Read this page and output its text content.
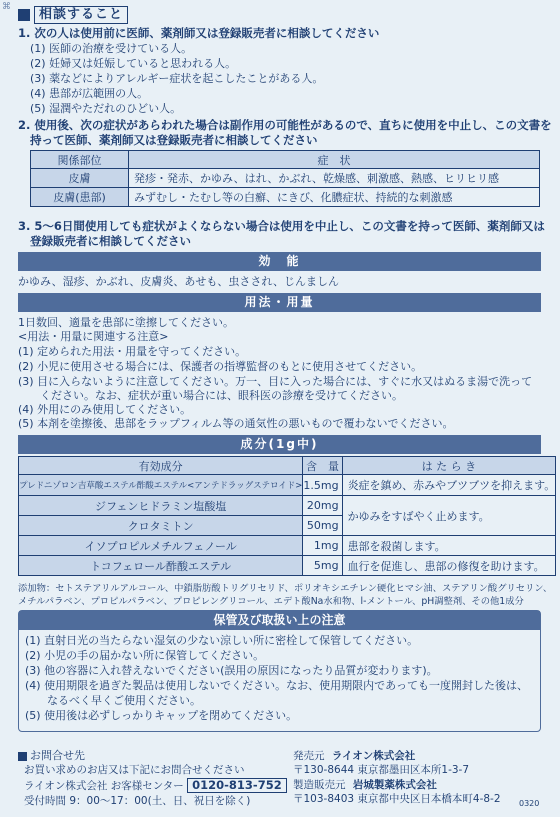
⌘	相談すること
1. 次の人は使用前に医師、薬剤師又は登録販売者に相談してください
(1) 医師の治療を受けている人。
(2) 妊婦又は妊娠していると思われる人。
(3) 薬などによりアレルギー症状を起こしたことがある人。
(4) 患部が広範囲の人。
(5) 湿潤やただれのひどい人。
2. 使用後、次の症状があらわれた場合は副作用の可能性があるので、直ちに使用を中止し、この文書を
持って医師、薬剤師又は登録販売者に相談してください
関係部位	症　状
皮膚	発疹・発赤、かゆみ、はれ、かぶれ、乾燥感、刺激感、熱感、ヒリヒリ感
皮膚(患部)	みずむし・たむし等の白癬、にきび、化膿症状、持続的な刺激感
3. 5～6日間使用しても症状がよくならない場合は使用を中止し、この文書を持って医師、薬剤師又は
登録販売者に相談してください
効　能
かゆみ、湿疹、かぶれ、皮膚炎、あせも、虫さされ、じんましん
用法・用量
1日数回、適量を患部に塗擦してください。
<用法・用量に関連する注意>
(1) 定められた用法・用量を守ってください。
(2) 小児に使用させる場合には、保護者の指導監督のもとに使用させてください。
(3) 目に入らないように注意してください。万一、目に入った場合には、すぐに水又はぬるま湯で洗って
　　ください。なお、症状が重い場合には、眼科医の診療を受けてください。
(4) 外用にのみ使用してください。
(5) 本剤を塗擦後、患部をラップフィルム等の通気性の悪いもので覆わないでください。
成分(1g中)
有効成分	含　量	は た ら き
プレドニゾロン吉草酸エステル酢酸エステル<アンテドラッグステロイド>	1.5mg	炎症を鎮め、赤みやブツブツを抑えます。
ジフェンヒドラミン塩酸塩	20mg	かゆみをすばやく止めます。
クロタミトン	50mg	
イソプロピルメチルフェノール	1mg	患部を殺菌します。
トコフェロール酢酸エステル	5mg	血行を促進し、患部の修復を助けます。
添加物：セトステアリルアルコール、中鎖脂肪酸トリグリセリド、ポリオキシエチレン硬化ヒマシ油、ステアリン酸グリセリン、
メチルパラベン、プロピルパラベン、プロピレングリコール、エデト酸Na水和物、l-メントール、pH調整剤、その他1成分
保管及び取扱い上の注意
(1) 直射日光の当たらない湿気の少ない涼しい所に密栓して保管してください。
(2) 小児の手の届かない所に保管してください。
(3) 他の容器に入れ替えないでください(誤用の原因になったり品質が変わります)。
(4) 使用期限を過ぎた製品は使用しないでください。なお、使用期限内であっても一度開封した後は、
　　なるべく早くご使用ください。
(5) 使用後は必ずしっかりキャップを閉めてください。
お問合せ先
お買い求めのお店又は下記にお問合せください
ライオン株式会社 お客様センター 0120-813-752
受付時間 9：00～17：00(土、日、祝日を除く)
発売元 ライオン株式会社
〒130-8644 東京都墨田区本所1-3-7
製造販売元 岩城製薬株式会社
〒103-8403 東京都中央区日本橋本町4-8-2 0320
